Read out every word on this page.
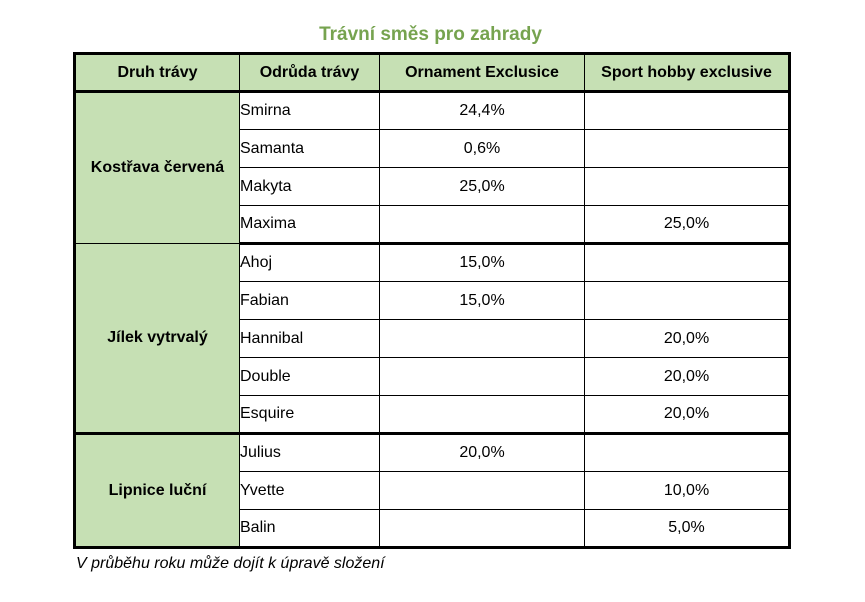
Trávní směs pro zahrady
Druh trávy	Odrůda trávy	Ornament Exclusice	Sport hobby exclusive
Kostřava červená	Smirna	24,4%	
	Samanta	0,6%	
	Makyta	25,0%	
	Maxima		25,0%
Jílek vytrvalý	Ahoj	15,0%	
	Fabian	15,0%	
	Hannibal		20,0%
	Double		20,0%
	Esquire		20,0%
Lipnice luční	Julius	20,0%	
	Yvette		10,0%
	Balin		5,0%
V průběhu roku může dojít k úpravě složení
